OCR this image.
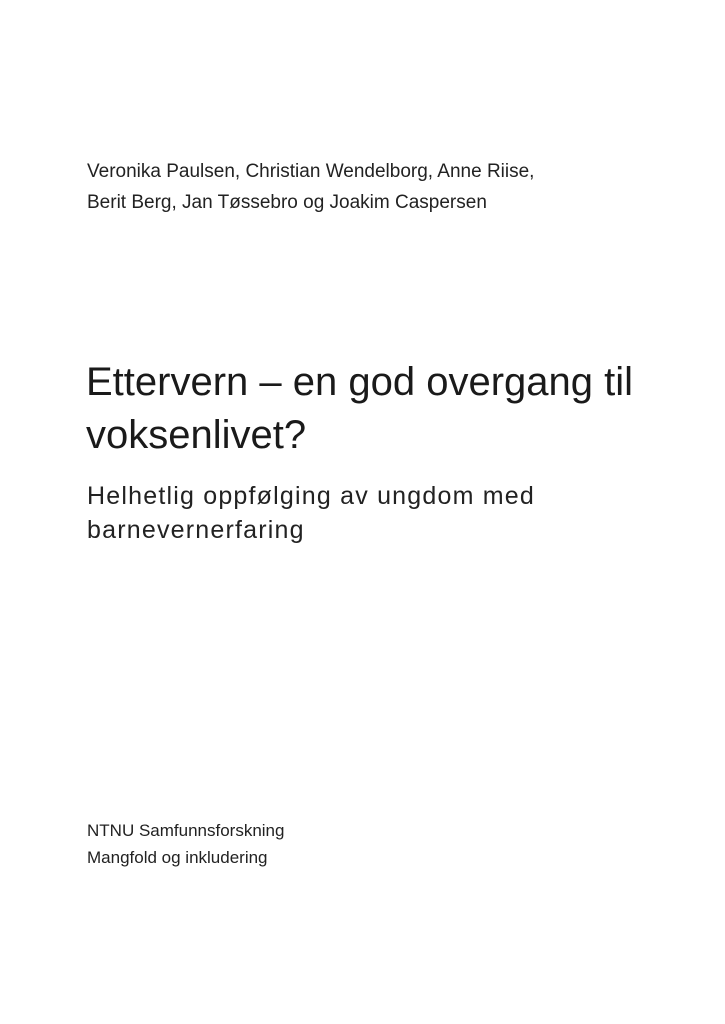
Veronika Paulsen, Christian Wendelborg, Anne Riise,
Berit Berg, Jan Tøssebro og Joakim Caspersen
Ettervern – en god overgang til
voksenlivet?
Helhetlig oppfølging av ungdom med
barnevernerfaring
NTNU Samfunnsforskning
Mangfold og inkludering
